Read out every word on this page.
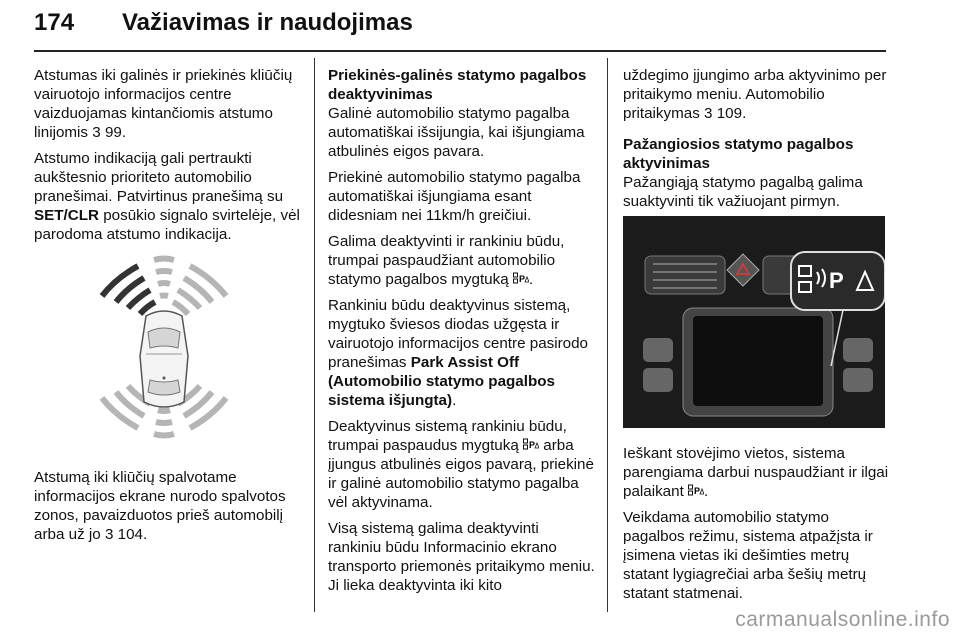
174 Važiavimas ir naudojimas

Atstumas iki galinės ir priekinės kliūčių vairuotojo informacijos centre vaizduojamas kintančiomis atstumo linijomis 3 99.

Atstumo indikaciją gali pertraukti aukštesnio prioriteto automobilio pranešimai. Patvirtinus pranešimą su SET/CLR posūkio signalo svirtelėje, vėl parodoma atstumo indikacija.

Atstumą iki kliūčių spalvotame informacijos ekrane nurodo spalvotos zonos, pavaizduotos prieš automobilį arba už jo 3 104.

Priekinės-galinės statymo pagalbos deaktyvinimas

Galinė automobilio statymo pagalba automatiškai išsijungia, kai išjungiama atbulinės eigos pavara.

Priekinė automobilio statymo pagalba automatiškai išjungiama esant didesniam nei 11km/h greičiui.

Galima deaktyvinti ir rankiniu būdu, trumpai paspaudžiant automobilio statymo pagalbos mygtuką P .

Rankiniu būdu deaktyvinus sistemą, mygtuko šviesos diodas užgęsta ir vairuotojo informacijos centre pasirodo pranešimas Park Assist Off (Automobilio statymo pagalbos sistema išjungta).

Deaktyvinus sistemą rankiniu būdu, trumpai paspaudus mygtuką P arba įjungus atbulinės eigos pavarą, priekinė ir galinė automobilio statymo pagalba vėl aktyvinama.

Visą sistemą galima deaktyvinti rankiniu būdu Informacinio ekrano transporto priemonės pritaikymo meniu. Ji lieka deaktyvinta iki kito

uždegimo įjungimo arba aktyvinimo per pritaikymo meniu. Automobilio pritaikymas 3 109.

Pažangiosios statymo pagalbos aktyvinimas

Pažangiąją statymo pagalbą galima suaktyvinti tik važiuojant pirmyn.

P

Ieškant stovėjimo vietos, sistema parengiama darbui nuspaudžiant ir ilgai palaikant P .

Veikdama automobilio statymo pagalbos režimu, sistema atpažįsta ir įsimena vietas iki dešimties metrų statant lygiagrečiai arba šešių metrų statant statmenai.

carmanualsonline.info
